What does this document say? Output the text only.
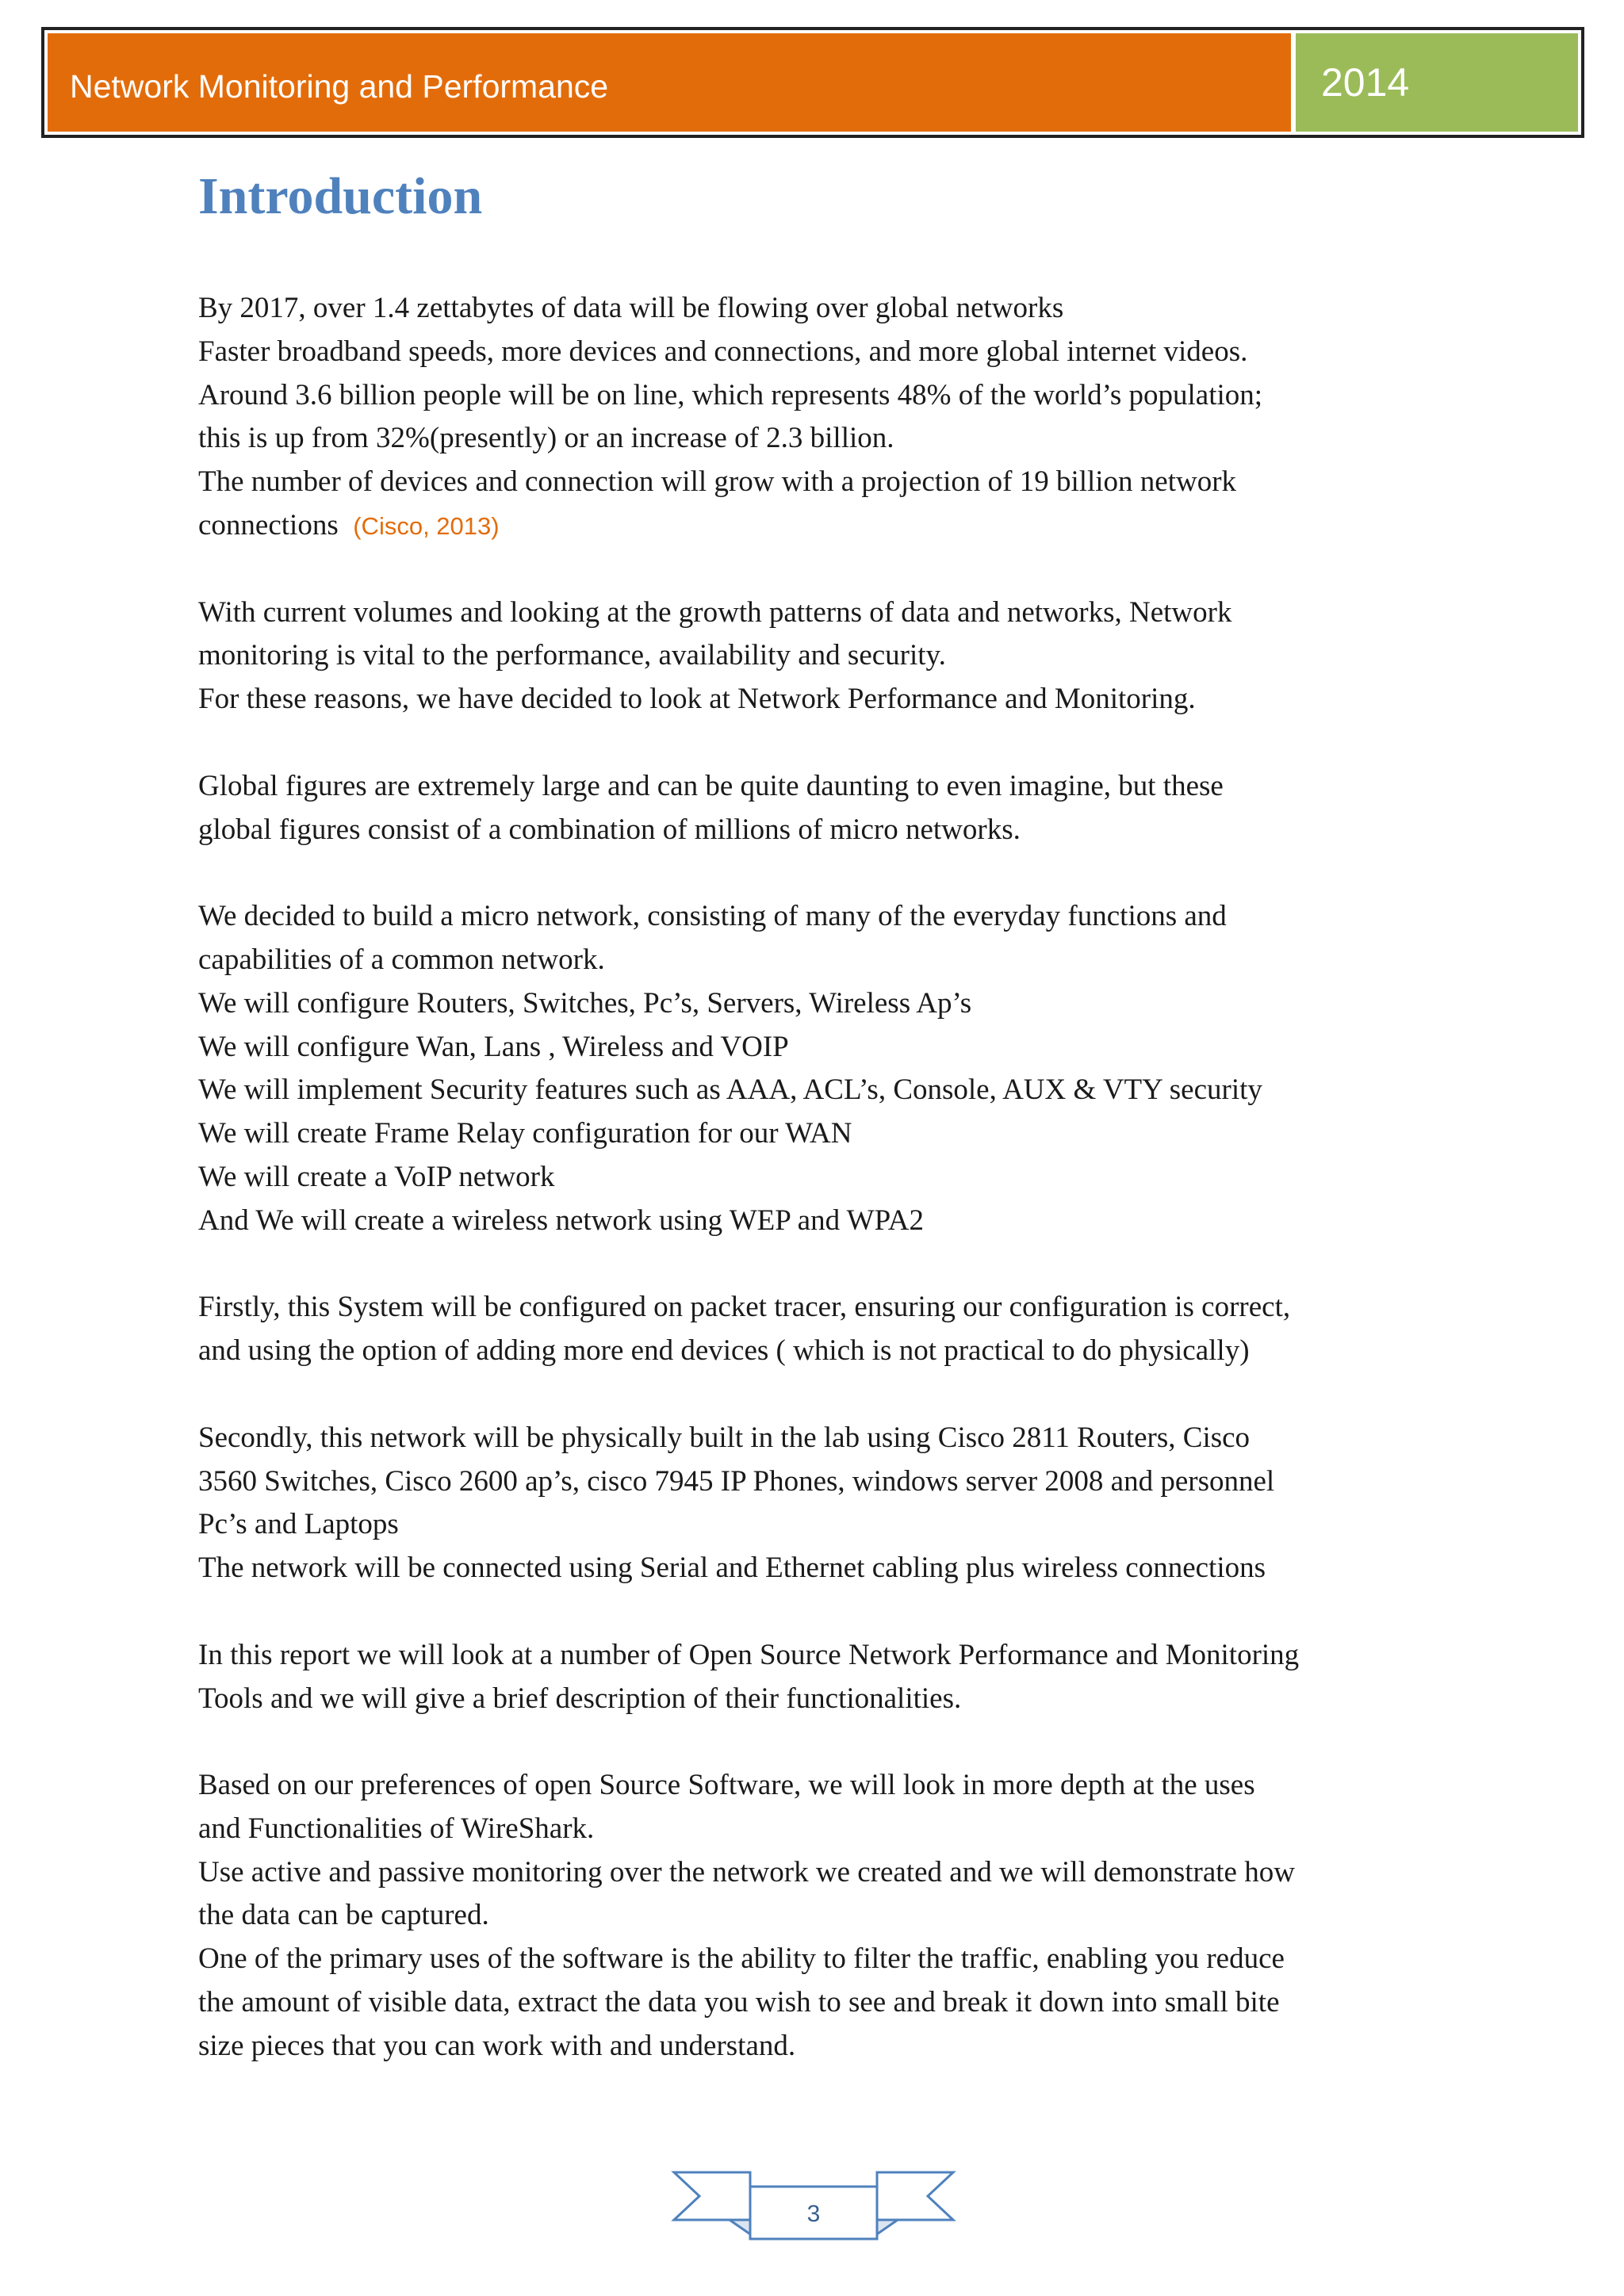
Network Monitoring and Performance	2014
Introduction
By 2017, over 1.4 zettabytes of data will be flowing over global networks
Faster broadband speeds, more devices and connections, and more global internet videos.
Around 3.6 billion people will be on line, which represents 48% of the world’s population;
this is up from 32%(presently) or an increase of 2.3 billion.
The number of devices and connection will grow with a projection of 19 billion network
connections (Cisco, 2013)
With current volumes and looking at the growth patterns of data and networks, Network
monitoring is vital to the performance, availability and security.
For these reasons, we have decided to look at Network Performance and Monitoring.
Global figures are extremely large and can be quite daunting to even imagine, but these
global figures consist of a combination of millions of micro networks.
We decided to build a micro network, consisting of many of the everyday functions and
capabilities of a common network.
We will configure Routers, Switches, Pc’s, Servers, Wireless Ap’s
We will configure Wan, Lans , Wireless and VOIP
We will implement Security features such as AAA, ACL’s, Console, AUX & VTY security
We will create Frame Relay configuration for our WAN
We will create a VoIP network
And We will create a wireless network using WEP and WPA2
Firstly, this System will be configured on packet tracer, ensuring our configuration is correct,
and using the option of adding more end devices ( which is not practical to do physically)
Secondly, this network will be physically built in the lab using Cisco 2811 Routers, Cisco
3560 Switches, Cisco 2600 ap’s, cisco 7945 IP Phones, windows server 2008 and personnel
Pc’s and Laptops
The network will be connected using Serial and Ethernet cabling plus wireless connections
In this report we will look at a number of Open Source Network Performance and Monitoring
Tools and we will give a brief description of their functionalities.
Based on our preferences of open Source Software, we will look in more depth at the uses
and Functionalities of WireShark.
Use active and passive monitoring over the network we created and we will demonstrate how
the data can be captured.
One of the primary uses of the software is the ability to filter the traffic, enabling you reduce
the amount of visible data, extract the data you wish to see and break it down into small bite
size pieces that you can work with and understand.
3
